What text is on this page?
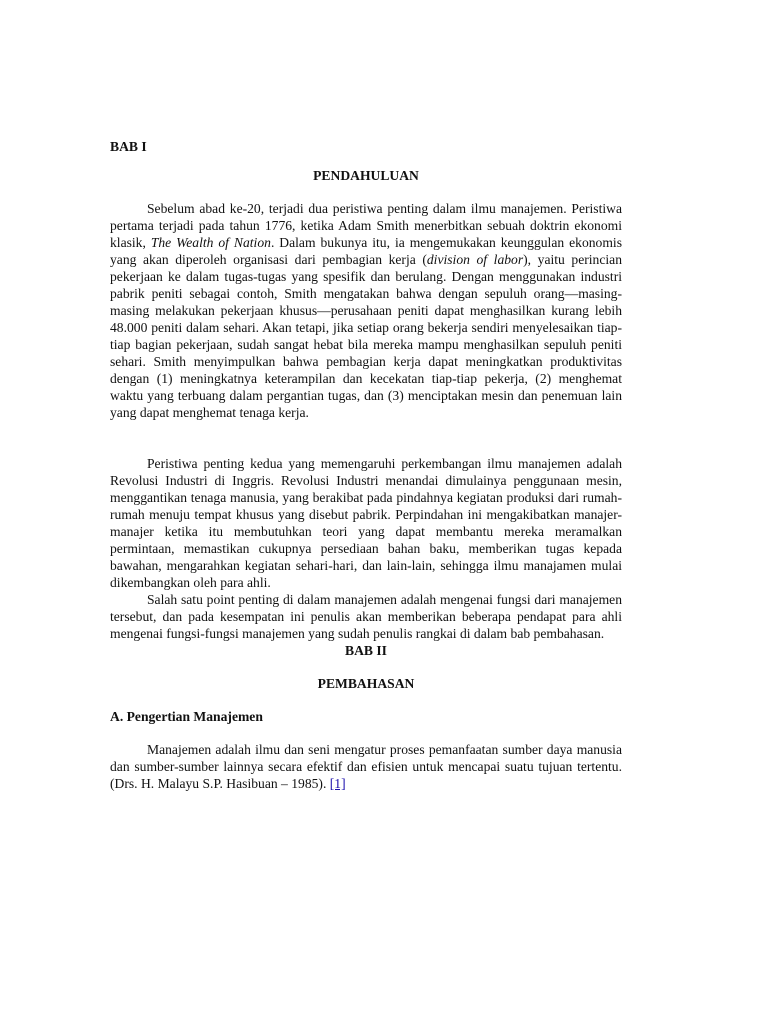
BAB I

PENDAHULUAN

Sebelum abad ke-20, terjadi dua peristiwa penting dalam ilmu manajemen. Peristiwa pertama terjadi pada tahun 1776, ketika Adam Smith menerbitkan sebuah doktrin ekonomi klasik, The Wealth of Nation. Dalam bukunya itu, ia mengemukakan keunggulan ekonomis yang akan diperoleh organisasi dari pembagian kerja (division of labor), yaitu perincian pekerjaan ke dalam tugas-tugas yang spesifik dan berulang. Dengan menggunakan industri pabrik peniti sebagai contoh, Smith mengatakan bahwa dengan sepuluh orang—masing-masing melakukan pekerjaan khusus—perusahaan peniti dapat menghasilkan kurang lebih 48.000 peniti dalam sehari. Akan tetapi, jika setiap orang bekerja sendiri menyelesaikan tiap-tiap bagian pekerjaan, sudah sangat hebat bila mereka mampu menghasilkan sepuluh peniti sehari. Smith menyimpulkan bahwa pembagian kerja dapat meningkatkan produktivitas dengan (1) meningkatnya keterampilan dan kecekatan tiap-tiap pekerja, (2) menghemat waktu yang terbuang dalam pergantian tugas, dan (3) menciptakan mesin dan penemuan lain yang dapat menghemat tenaga kerja.

Peristiwa penting kedua yang memengaruhi perkembangan ilmu manajemen adalah Revolusi Industri di Inggris. Revolusi Industri menandai dimulainya penggunaan mesin, menggantikan tenaga manusia, yang berakibat pada pindahnya kegiatan produksi dari rumah-rumah menuju tempat khusus yang disebut pabrik. Perpindahan ini mengakibatkan manajer-manajer ketika itu membutuhkan teori yang dapat membantu mereka meramalkan permintaan, memastikan cukupnya persediaan bahan baku, memberikan tugas kepada bawahan, mengarahkan kegiatan sehari-hari, dan lain-lain, sehingga ilmu manajamen mulai dikembangkan oleh para ahli.

Salah satu point penting di dalam manajemen adalah mengenai fungsi dari manajemen tersebut, dan pada kesempatan ini penulis akan memberikan beberapa pendapat para ahli mengenai fungsi-fungsi manajemen yang sudah penulis rangkai di dalam bab pembahasan.

BAB II

PEMBAHASAN

A. Pengertian Manajemen

Manajemen adalah ilmu dan seni mengatur proses pemanfaatan sumber daya manusia dan sumber-sumber lainnya secara efektif dan efisien untuk mencapai suatu tujuan tertentu. (Drs. H. Malayu S.P. Hasibuan – 1985). [1]
